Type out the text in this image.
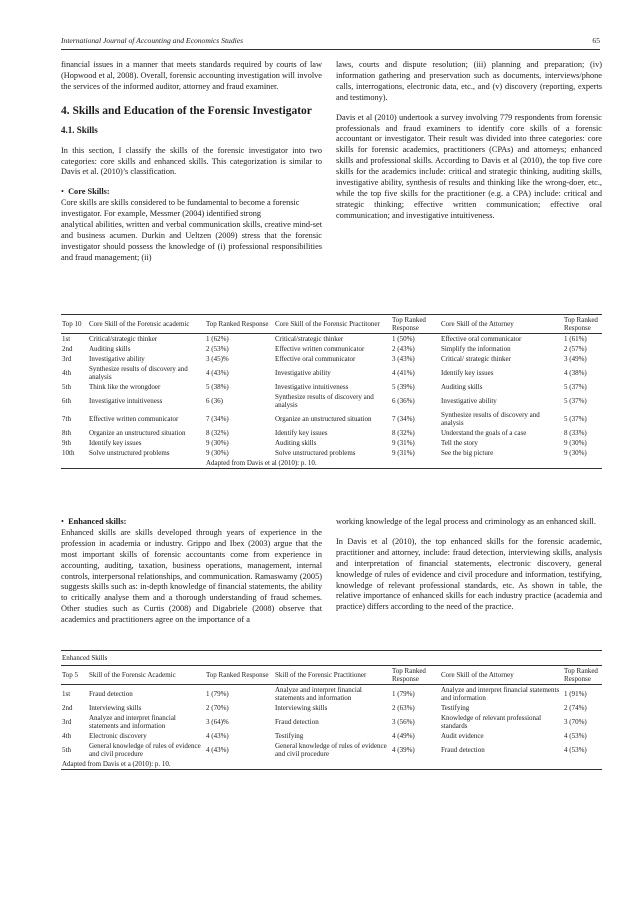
International Journal of Accounting and Economics Studies	65

financial issues in a manner that meets standards required by courts of law (Hopwood et al, 2008). Overall, forensic accounting investigation will involve the services of the informed auditor, attorney and fraud examiner.

4. Skills and Education of the Forensic Investigator
4.1. Skills

In this section, I classify the skills of the forensic investigator into two categories: core skills and enhanced skills. This categorization is similar to Davis et al. (2010)’s classification.

• Core Skills:

Core skills are skills considered to be fundamental to become a forensic investigator. For example, Messmer (2004) identified strong

analytical abilities, written and verbal communication skills, creative mind-set and business acumen. Durkin and Ueltzen (2009) stress that the forensic investigator should possess the knowledge of (i) professional responsibilities and fraud management; (ii)

laws, courts and dispute resolution; (iii) planning and preparation; (iv) information gathering and preservation such as documents, interviews/phone calls, interrogations, electronic data, etc., and (v) discovery (reporting, experts and testimony).

Davis et al (2010) undertook a survey involving 779 respondents from forensic professionals and fraud examiners to identify core skills of a forensic accountant or investigator. Their result was divided into three categories: core skills for forensic academics, practitioners (CPAs) and attorneys; enhanced skills and professional skills. According to Davis et al (2010), the top five core skills for the academics include: critical and strategic thinking, auditing skills, investigative ability, synthesis of results and thinking like the wrong-doer, etc., while the top five skills for the practitioner (e.g. a CPA) include: critical and strategic thinking; effective written communication; effective oral communication; and investigative intuitiveness.

Top 10	Core Skill of the Forensic academic	Top Ranked Response	Core Skill of the Forensic Practitoner	Top Ranked Response	Core Skill of the Attorney	Top Ranked Response
1st	Critical/strategic thinker	1 (62%)	Critical/strategic thinker	1 (50%)	Effective oral communicator	1 (61%)
2nd	Auditing skills	2 (53%)	Effective written communicator	2 (43%)	Simplify the information	2 (57%)
3rd	Investigative ability	3 (45)%	Effective oral communicator	3 (43%)	Critical/ strategic thinker	3 (49%)
4th	Synthesize results of discovery and analysis	4 (43%)	Investigative ability	4 (41%)	Identify key issues	4 (38%)
5th	Think like the wrongdoer	5 (38%)	Investigative intuitiveness	5 (39%)	Auditing skills	5 (37%)
6th	Investigative intuitiveness	6 (36)	Synthesize results of discovery and analysis	6 (36%)	Investigative ability	5 (37%)
7th	Effective written communicator	7 (34%)	Organize an unstructured situation	7 (34%)	Synthesize results of discovery and analysis	5 (37%)
8th	Organize an unstructured situation	8 (32%)	Identify key issues	8 (32%)	Understand the goals of a case	8 (33%)
9th	Identify key issues	9 (30%)	Auditing skills	9 (31%)	Tell the story	9 (30%)
10th	Solve unstructured problems	9 (30%)	Solve unstructured problems	9 (31%)	See the big picture	9 (30%)
		Adapted from Davis et al (2010): p. 10.				

• Enhanced skills:

Enhanced skills are skills developed through years of experience in the profession in academia or industry. Grippo and Ibex (2003) argue that the most important skills of forensic accountants come from experience in accounting, auditing, taxation, business operations, management, internal controls, interpersonal relationships, and communication. Ramaswamy (2005) suggests skills such as: in-depth knowledge of financial statements, the ability to critically analyse them and a thorough understanding of fraud schemes. Other studies such as Curtis (2008) and Digabriele (2008) observe that academics and practitioners agree on the importance of a

working knowledge of the legal process and criminology as an enhanced skill.

In Davis et al (2010), the top enhanced skills for the forensic academic, practitioner and attorney, include: fraud detection, interviewing skills, analysis and interpretation of financial statements, electronic discovery, general knowledge of rules of evidence and civil procedure and information, testifying, knowledge of relevant professional standards, etc. As shown in table, the relative importance of enhanced skills for each industry practice (academia and practice) differs according to the need of the practice.

Enhanced Skills						
Top 5	Skill of the Forensic Academic	Top Ranked Response	Skill of the Forensic Practitioner	Top Ranked Response	Core Skill of the Attorney	Top Ranked Response
1st	Fraud detection	1 (79%)	Analyze and interpret financial statements and information	1 (79%)	Analyze and interpret financial statements and information	1 (91%)
2nd	Interviewing skills	2 (70%)	Interviewing skills	2 (63%)	Testifying	2 (74%)
3rd	Analyze and interpret financial statements and information	3 (64)%	Fraud detection	3 (56%)	Knowledge of relevant professional standards	3 (70%)
4th	Electronic discovery	4 (43%)	Testifying	4 (49%)	Audit evidence	4 (53%)
5th	General knowledge of rules of evidence and civil procedure	4 (43%)	General knowledge of rules of evidence and civil procedure	4 (39%)	Fraud detection	4 (53%)
Adapted from Davis et a (2010): p. 10.						
